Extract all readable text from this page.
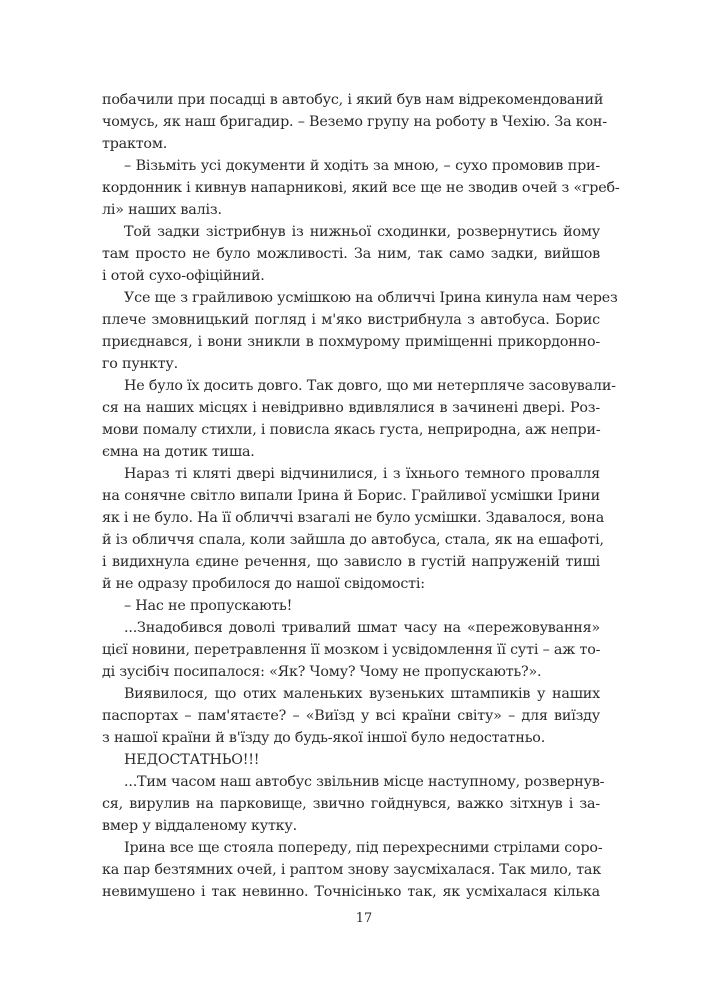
побачили при посадці в автобус, і який був нам відрекомендований
чомусь, як наш бригадир. – Веземо групу на роботу в Чехію. За кон-
трактом.
– Візьміть усі документи й ходіть за мною, – сухо промовив при-
кордонник і кивнув напарникові, який все ще не зводив очей з «греб-
лі» наших валіз.
Той задки зістрибнув із нижньої сходинки, розвернутись йому
там просто не було можливості. За ним, так само задки, вийшов
і отой сухо-офіційний.
Усе ще з грайливою усмішкою на обличчі Ірина кинула нам через
плече змовницький погляд і м'яко вистрибнула з автобуса. Борис
приєднався, і вони зникли в похмурому приміщенні прикордонно-
го пункту.
Не було їх досить довго. Так довго, що ми нетерпляче засовували-
ся на наших місцях і невідривно вдивлялися в зачинені двері. Роз-
мови помалу стихли, і повисла якась густа, неприродна, аж непри-
ємна на дотик тиша.
Нараз ті кляті двері відчинилися, і з їхнього темного провалля
на сонячне світло випали Ірина й Борис. Грайливої усмішки Ірини
як і не було. На її обличчі взагалі не було усмішки. Здавалося, вона
й із обличчя спала, коли зайшла до автобуса, стала, як на ешафоті,
і видихнула єдине речення, що зависло в густій напруженій тиші
й не одразу пробилося до нашої свідомості:
– Нас не пропускають!
...Знадобився доволі тривалий шмат часу на «пережовування»
цієї новини, перетравлення її мозком і усвідомлення її суті – аж то-
ді зусібіч посипалося: «Як? Чому? Чому не пропускають?».
Виявилося, що отих маленьких вузеньких штампиків у наших
паспортах – пам'ятаєте? – «Виїзд у всі країни світу» – для виїзду
з нашої країни й в'їзду до будь-якої іншої було недостатньо.
НЕДОСТАТНЬО!!!
...Тим часом наш автобус звільнив місце наступному, розвернув-
ся, вирулив на парковище, звично гойднувся, важко зітхнув і за-
вмер у віддаленому кутку.
Ірина все ще стояла попереду, під перехресними стрілами соро-
ка пар безтямних очей, і раптом знову заусміхалася. Так мило, так
невимушено і так невинно. Точнісінько так, як усміхалася кілька
17
